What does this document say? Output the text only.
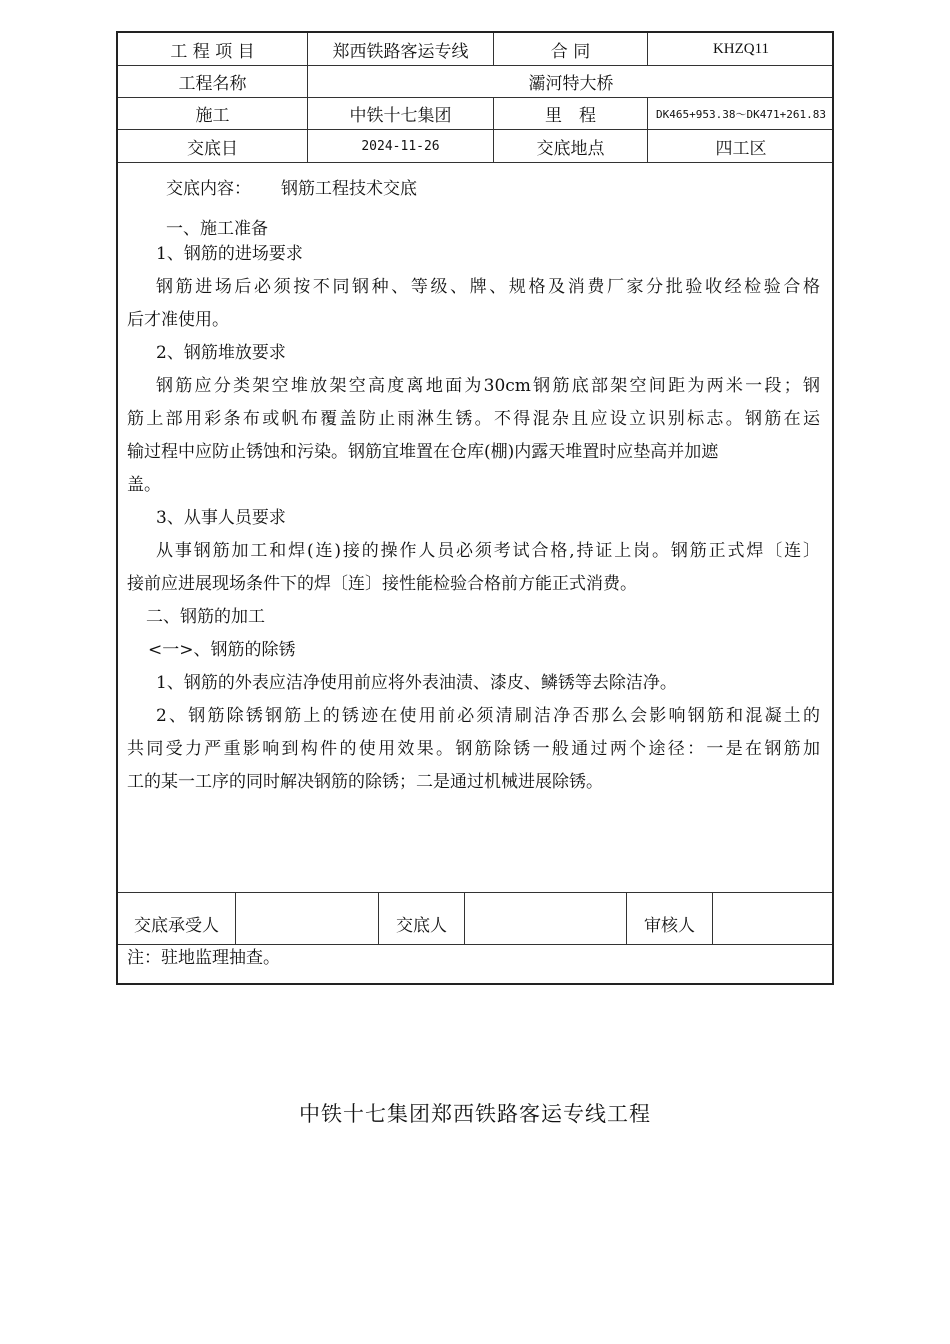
工 程 项 目	郑西铁路客运专线	合 同	KHZQ11
工程名称	灞河特大桥
施工	中铁十七集团	里　程	DK465+953.38～DK471+261.83
交底日	2024-11-26	交底地点	四工区
交底内容： 钢筋工程技术交底
一、施工准备
1、钢筋的进场要求
钢筋进场后必须按不同钢种、等级、牌、规格及消费厂家分批验收经检验合格
后才准使用。
2、钢筋堆放要求
钢筋应分类架空堆放架空高度离地面为30cm钢筋底部架空间距为两米一段；钢
筋上部用彩条布或帆布覆盖防止雨淋生锈。不得混杂且应设立识别标志。钢筋在运
输过程中应防止锈蚀和污染。钢筋宜堆置在仓库(棚)内露天堆置时应垫高并加遮
盖。
3、从事人员要求
从事钢筋加工和焊(连)接的操作人员必须考试合格,持证上岗。钢筋正式焊〔连〕
接前应进展现场条件下的焊〔连〕接性能检验合格前方能正式消费。
二、钢筋的加工
<一>、钢筋的除锈
1、钢筋的外表应洁净使用前应将外表油渍、漆皮、鳞锈等去除洁净。
2、钢筋除锈钢筋上的锈迹在使用前必须清刷洁净否那么会影响钢筋和混凝土的
共同受力严重影响到构件的使用效果。钢筋除锈一般通过两个途径：一是在钢筋加
工的某一工序的同时解决钢筋的除锈；二是通过机械进展除锈。
交底承受人	交底人	审核人
注：驻地监理抽查。
中铁十七集团郑西铁路客运专线工程
